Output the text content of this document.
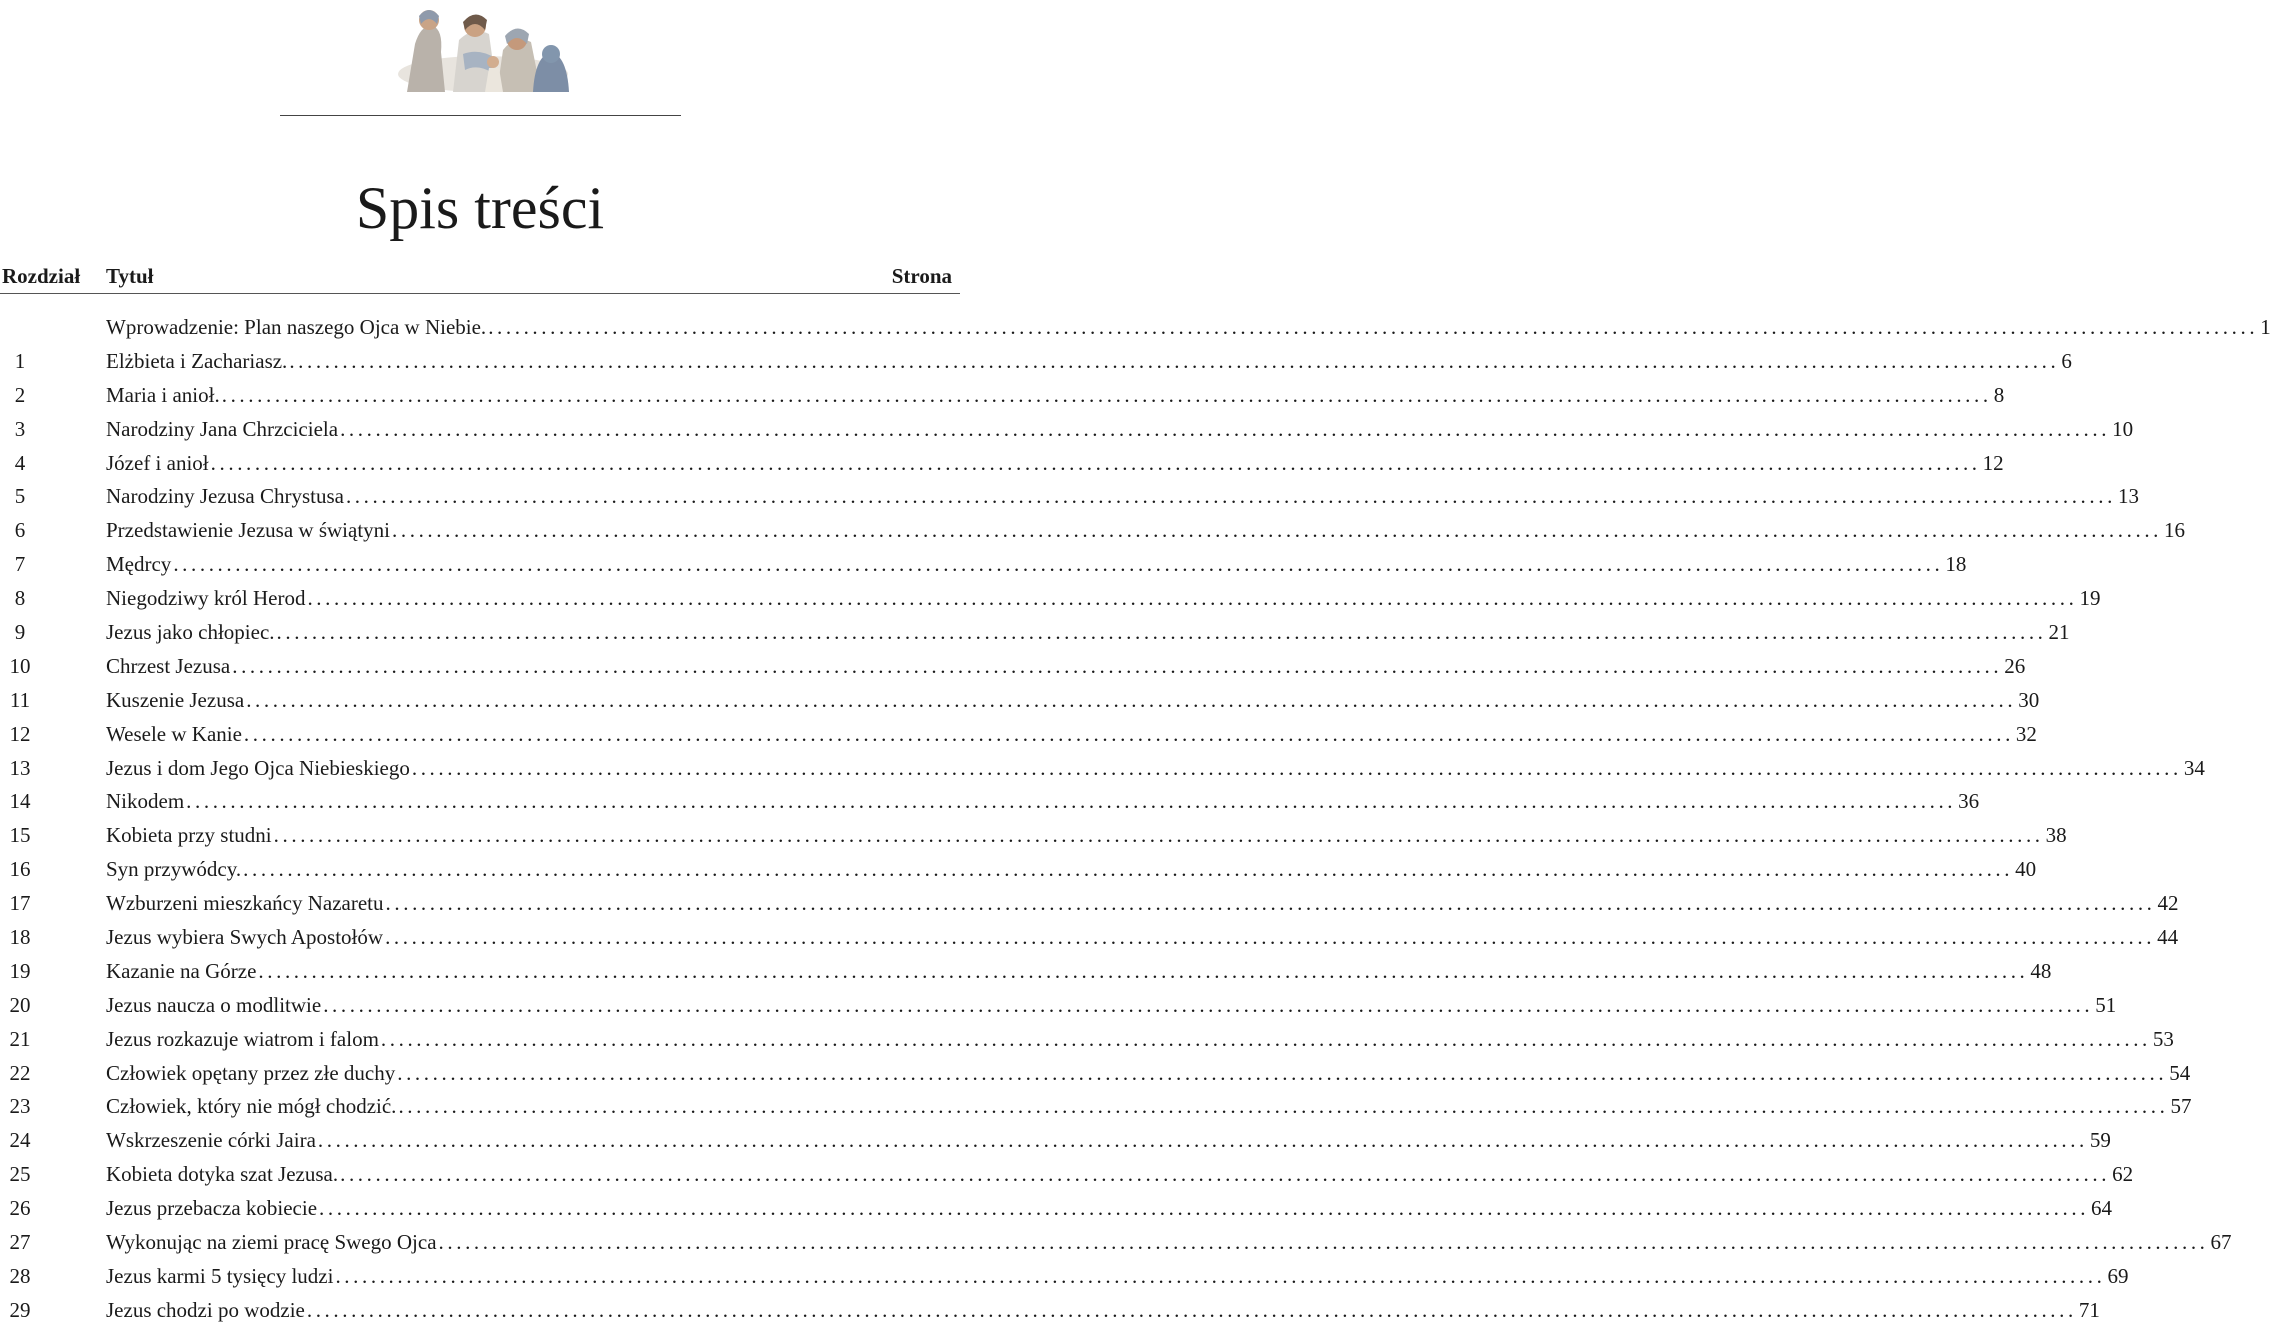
Spis treści
Rozdział Tytuł	Strona
Wprowadzenie: Plan naszego Ojca w Niebie. ........................................................................................................................................................................................................ 1
1	Elżbieta i Zachariasz. ........................................................................................................................................................................................................ 6
2	Maria i anioł. ........................................................................................................................................................................................................ 8
3	Narodziny Jana Chrzciciela ........................................................................................................................................................................................................ 10
4	Józef i anioł ........................................................................................................................................................................................................ 12
5	Narodziny Jezusa Chrystusa ........................................................................................................................................................................................................ 13
6	Przedstawienie Jezusa w świątyni ........................................................................................................................................................................................................ 16
7	Mędrcy ........................................................................................................................................................................................................ 18
8	Niegodziwy król Herod ........................................................................................................................................................................................................ 19
9	Jezus jako chłopiec. ........................................................................................................................................................................................................ 21
10	Chrzest Jezusa ........................................................................................................................................................................................................ 26
11	Kuszenie Jezusa ........................................................................................................................................................................................................ 30
12	Wesele w Kanie ........................................................................................................................................................................................................ 32
13	Jezus i dom Jego Ojca Niebieskiego ........................................................................................................................................................................................................ 34
14	Nikodem ........................................................................................................................................................................................................ 36
15	Kobieta przy studni ........................................................................................................................................................................................................ 38
16	Syn przywódcy. ........................................................................................................................................................................................................ 40
17	Wzburzeni mieszkańcy Nazaretu ........................................................................................................................................................................................................ 42
18	Jezus wybiera Swych Apostołów ........................................................................................................................................................................................................ 44
19	Kazanie na Górze ........................................................................................................................................................................................................ 48
20	Jezus naucza o modlitwie ........................................................................................................................................................................................................ 51
21	Jezus rozkazuje wiatrom i falom ........................................................................................................................................................................................................ 53
22	Człowiek opętany przez złe duchy ........................................................................................................................................................................................................ 54
23	Człowiek, który nie mógł chodzić. ........................................................................................................................................................................................................ 57
24	Wskrzeszenie córki Jaira ........................................................................................................................................................................................................ 59
25	Kobieta dotyka szat Jezusa. ........................................................................................................................................................................................................ 62
26	Jezus przebacza kobiecie ........................................................................................................................................................................................................ 64
27	Wykonując na ziemi pracę Swego Ojca ........................................................................................................................................................................................................ 67
28	Jezus karmi 5 tysięcy ludzi ........................................................................................................................................................................................................ 69
29	Jezus chodzi po wodzie ........................................................................................................................................................................................................ 71
